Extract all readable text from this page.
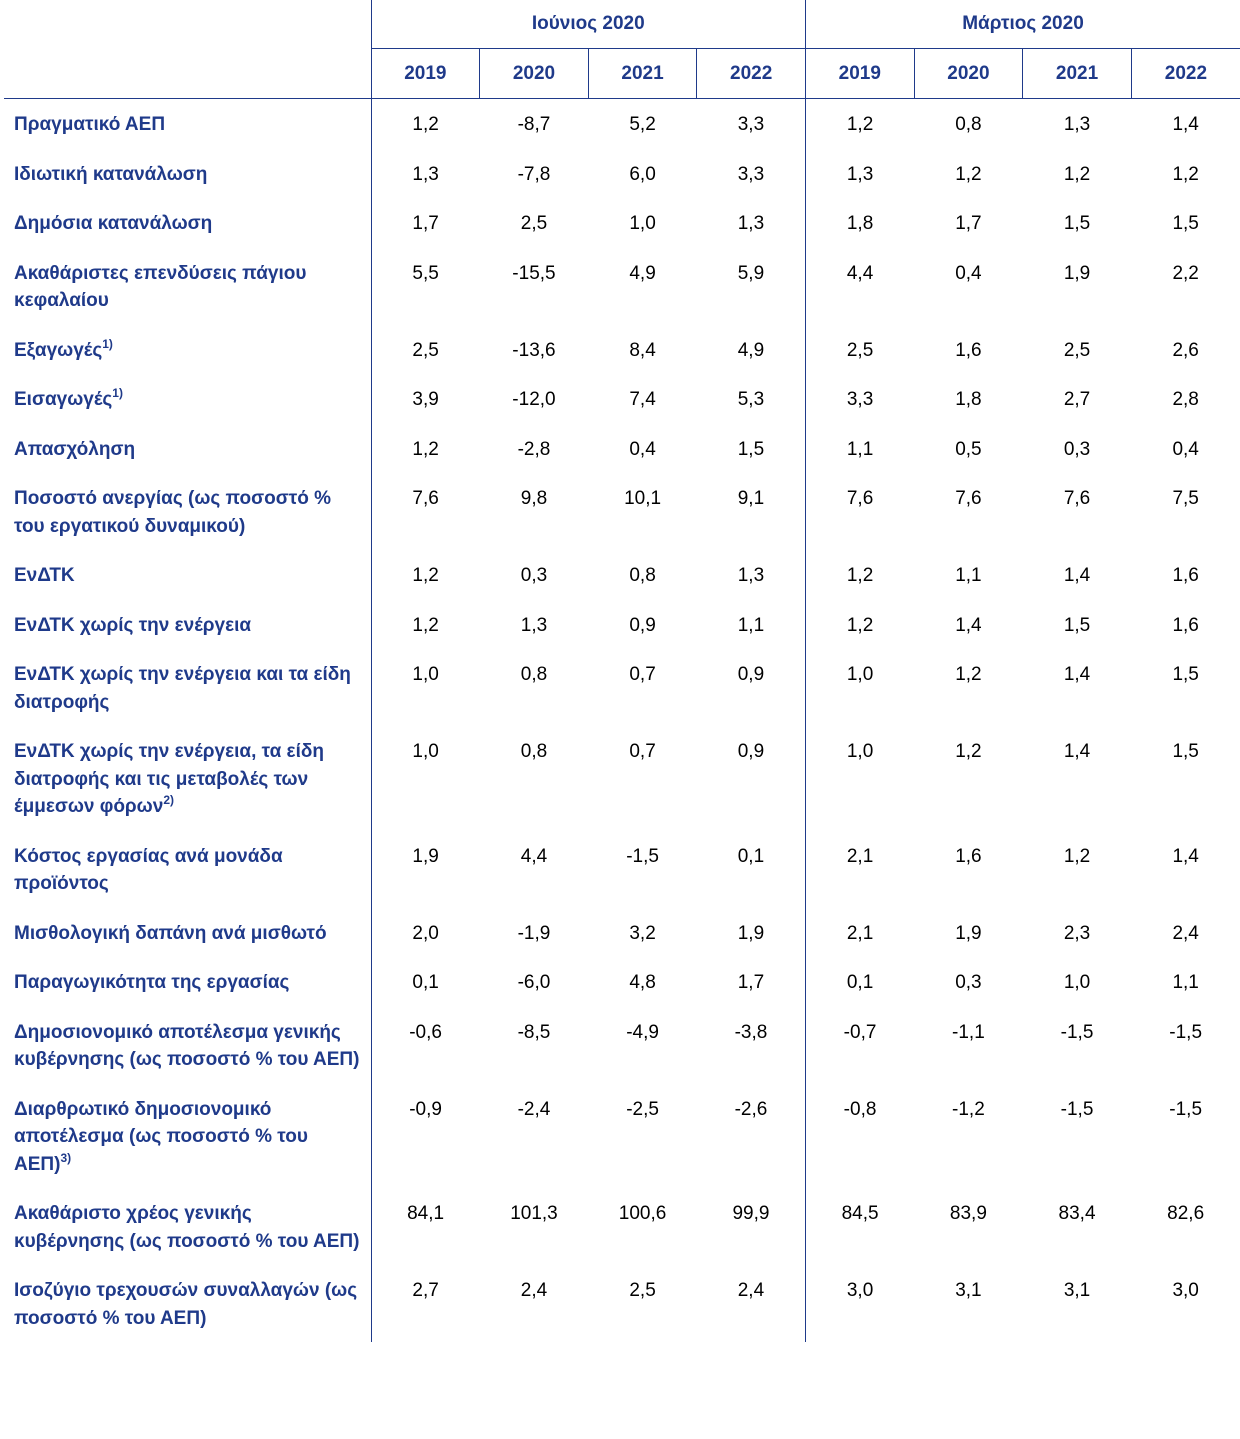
	Ιούνιος 2020				Μάρτιος 2020			
	2019	2020	2021	2022	2019	2020	2021	2022
Πραγματικό ΑΕΠ	1,2	-8,7	5,2	3,3	1,2	0,8	1,3	1,4
Ιδιωτική κατανάλωση	1,3	-7,8	6,0	3,3	1,3	1,2	1,2	1,2
Δημόσια κατανάλωση	1,7	2,5	1,0	1,3	1,8	1,7	1,5	1,5
Ακαθάριστες επενδύσεις πάγιου κεφαλαίου	5,5	-15,5	4,9	5,9	4,4	0,4	1,9	2,2
Εξαγωγές$^{1)}$	2,5	-13,6	8,4	4,9	2,5	1,6	2,5	2,6
Εισαγωγές$^{1)}$	3,9	-12,0	7,4	5,3	3,3	1,8	2,7	2,8
Απασχόληση	1,2	-2,8	0,4	1,5	1,1	0,5	0,3	0,4
Ποσοστό ανεργίας (ως ποσοστό % του εργατικού δυναμικού)	7,6	9,8	10,1	9,1	7,6	7,6	7,6	7,5
ΕνΔΤΚ	1,2	0,3	0,8	1,3	1,2	1,1	1,4	1,6
ΕνΔΤΚ χωρίς την ενέργεια	1,2	1,3	0,9	1,1	1,2	1,4	1,5	1,6
ΕνΔΤΚ χωρίς την ενέργεια και τα είδη διατροφής	1,0	0,8	0,7	0,9	1,0	1,2	1,4	1,5
ΕνΔΤΚ χωρίς την ενέργεια, τα είδη διατροφής και τις μεταβολές των έμμεσων φόρων$^{2)}$	1,0	0,8	0,7	0,9	1,0	1,2	1,4	1,5
Κόστος εργασίας ανά μονάδα προϊόντος	1,9	4,4	-1,5	0,1	2,1	1,6	1,2	1,4
Μισθολογική δαπάνη ανά μισθωτό	2,0	-1,9	3,2	1,9	2,1	1,9	2,3	2,4
Παραγωγικότητα της εργασίας	0,1	-6,0	4,8	1,7	0,1	0,3	1,0	1,1
Δημοσιονομικό αποτέλεσμα γενικής κυβέρνησης (ως ποσοστό % του ΑΕΠ)	-0,6	-8,5	-4,9	-3,8	-0,7	-1,1	-1,5	-1,5
Διαρθρωτικό δημοσιονομικό αποτέλεσμα (ως ποσοστό % του ΑΕΠ)$^{3)}$	-0,9	-2,4	-2,5	-2,6	-0,8	-1,2	-1,5	-1,5
Ακαθάριστο χρέος γενικής κυβέρνησης (ως ποσοστό % του ΑΕΠ)	84,1	101,3	100,6	99,9	84,5	83,9	83,4	82,6
Ισοζύγιο τρεχουσών συναλλαγών (ως ποσοστό % του ΑΕΠ)	2,7	2,4	2,5	2,4	3,0	3,1	3,1	3,0
